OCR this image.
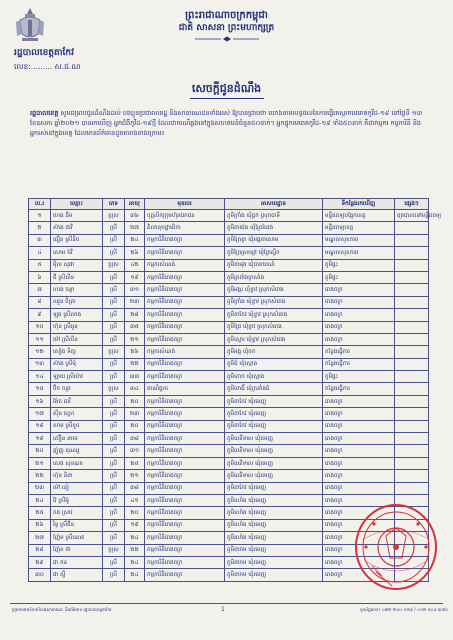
ព្រះរាជាណាចក្រកម្ពុជា
ជាតិ សាសនា ព្រះមហាក្សត្រ
រដ្ឋបាលខេត្តតាកែវ
លេខ:......... ស.ជ.ណ
សេចក្តីជូនដំណឹង

រដ្ឋបាលខេត្ត សូមជម្រាបជូនដំណឹងដល់ បងប្អូនប្រជាពលរដ្ឋ និងសាធារណជនទាំងអស់ ឱ្យបានជ្រាបថា យោងតាមលទ្ធផលនៃការធ្វើតេស្តរកមេរោគកូវីដ-១៩ នៅថ្ងៃទី ១៣ ខែឧសភា ឆ្នាំ២០២១ បានរកឃើញ អ្នកជំងឺកូវីដ-១៩ថ្មី ដែលជាករណីឆ្លងនៅក្នុងសហគមន៍ចំនួន៥០នាក់។ អ្នកផ្ទុកមេរោគកូវីដ-១៩ ទាំង៥០នាក់ គឺជាកម្មករ កម្មការិនី និងអ្នករស់នៅក្នុងខេត្ត ដែលមានព័ត៌មានដូចតារាងខាងក្រោម៖

ល.រ	ឈ្មោះ	ភេទ	អាយុ	មុខរបរ	អាសយដ្ឋាន	ទីកន្លែងរកឃើញ	ផ្សេងៗ
១	ហេង ធីម	ប្រុស	៣៦	បុគ្គលិកក្រុមហ៊ុនឯកជន	ភូមិក្រាំង ឃុំធ្លក ស្រុកបាទី	មន្ទីរពេទ្យបង្អែកខេត្ត	ព្យាបាលនៅមន្ទីរពេទ្យ
២	ស៊ាង ជាវី	ស្រី	២៧	គិលានុបដ្ឋាយិកា	ភូមិតាយ៉ង ឃុំព្រៃរំដេង	មន្ទីរពេទ្យខេត្ត	
៣	ធឿន ស្រីនិច	ស្រី	២៤	កម្មការិនីរោងចក្រ	ភូមិព្រៃខ្លា ឃុំអង្គតាសោម	មណ្ឌលសុខភាព	
៤	សោម រ៉ាវី	ស្រី	២៦	កម្មការិនីរោងចក្រ	ភូមិព្រៃស្រឡៅ ឃុំព្រៃស្លឹក	មណ្ឌលសុខភាព	
៥	ម៉ិល សុផា	ប្រុស	៤២	កម្មករសំណង់	ភូមិតាអុង ឃុំបារាយណ៍	ភូមិផ្ទះ	
៦	ជី ស្រីលីន	ស្រី	១៩	កម្មការិនីរោងចក្រ	ភូមិត្រពាំងក្រសាំង	ភូមិផ្ទះ	
៧	ហាង ចន្ថា	ស្រី	៣១	កម្មការិនីរោងចក្រ	ភូមិអង្គរ ឃុំខ្វាវ ស្រុកសំរោង	រោងចក្រ	
៨	ឈួន ចិត្រា	ស្រី	២៣	កម្មការិនីរោងចក្រ	ភូមិក្រាំង ឃុំខ្វាវ ស្រុកសំរោង	រោងចក្រ	
៩	ឡុង ស្រីលាង	ស្រី	២៨	កម្មការិនីរោងចក្រ	ភូមិតាកែវ ឃុំខ្វាវ ស្រុកសំរោង	រោងចក្រ	
១០	ហ៊ុន ស្រីអូន	ស្រី	៣៥	កម្មការិនីរោងចក្រ	ភូមិជ្រៃ ឃុំខ្វាវ ស្រុកសំរោង	រោងចក្រ	
១១	ម៉ៅ ស្រីលីន	ស្រី	២១	កម្មការិនីរោងចក្រ	ភូមិស្នោរ ឃុំខ្វាវ ស្រុកសំរោង	រោងចក្រ	
១២	សៀង ទិត្យ	ប្រុស	២៦	កម្មករសំណង់	ភូមិអង្គ ឃុំចក	កន្លែងធ្វើការ	
១៣	ស៊ាង ស្រីមុំ	ស្រី	២២	កម្មការិនីរោងចក្រ	ភូមិធំ ឃុំស្មោង	កន្លែងធ្វើការ	
១៤	ឡាយ ស្រីយ៉ាវ	ស្រី	៣៣	កម្មការិនីរោងចក្រ	ភូមិគោក ឃុំស្មោង	ភូមិផ្ទះ	
១៥	ប៊ិច ចន្ថា	ប្រុស	៣៤	ពាណិជ្ជករ	ភូមិពោធិ៍ ឃុំត្រពាំងធំ	កន្លែងធ្វើការ	
១៦	ង៉ែត ធារី	ស្រី	២០	កម្មការិនីរោងចក្រ	ភូមិតាកែវ ឃុំរមេញ	រោងចក្រ	
១៧	ស៊ីន ហ្គេក	ស្រី	២៣	កម្មការិនីរោងចក្រ	ភូមិតាកែវ ឃុំរមេញ	រោងចក្រ	
១៨	សាម ស្រីខួច	ស្រី	២០	កម្មការិនីរោងចក្រ	ភូមិតាកែវ ឃុំរមេញ	រោងចក្រ	
១៩	ស៊ឿន នាមេ	ស្រី	៣៨	កម្មការិនីរោងចក្រ	ភូមិឈើទាល ឃុំរមេញ	រោងចក្រ	
២០	ញ៉ូញ គុណដូ	ស្រី	៣១	កម្មការិនីរោងចក្រ	ភូមិឈើទាល ឃុំរមេញ	រោងចក្រ	
២១	សេង សុខណា	ស្រី	២៥	កម្មការិនីរោងចក្រ	ភូមិឈើទាល ឃុំរមេញ	រោងចក្រ	
២២	ហ៊ុន នីតា	ស្រី	២១	កម្មការិនីរោងចក្រ	ភូមិឈើទាល ឃុំរមេញ	រោងចក្រ	
២៣	ម៉ៅ នៀ	ស្រី	៣៨	កម្មការិនីរោងចក្រ	ភូមិតាកែវ ឃុំរមេញ	រោងចក្រ	
២៤	វ៉ៃ ស្រីអ៊ូ	ស្រី	៤១	កម្មការិនីរោងចក្រ	ភូមិរលាំង ឃុំរមេញ	រោងចក្រ	
២៥	កង ស្រាវ	ស្រី	២០	កម្មការិនីរោងចក្រ	ភូមិរលាំង ឃុំរមេញ	រោងចក្រ	
២៦	រិទ្ធ ស្រីជីន	ស្រី	១៩	កម្មការិនីរោងចក្រ	ភូមិរលាំង ឃុំរមេញ	រោងចក្រ	
២៧	ញ៉ែម ស្រីណេត	ស្រី	២៤	កម្មការិនីរោងចក្រ	ភូមិរលាំង ឃុំរមេញ	រោងចក្រ	
២៨	ញ៉ែន ថា	ប្រុស	២២	កម្មការិនីរោងចក្រ	ភូមិពារាម ឃុំរមេញ	រោងចក្រ	
២៩	ជា ថន	ស្រី	២៤	កម្មការិនីរោងចក្រ	ភូមិពារាម ឃុំរមេញ	រោងចក្រ	
៣០	ជា ស្ទី	ស្រី	២៤	កម្មការិនីរោងចក្រ	ភូមិពារាម ឃុំរមេញ	រោងចក្រ	
ក្រុមការងារទំនាក់ទំនងសាធារណៈ និងព័ត៌មាន រដ្ឋបាលខេត្តតាកែវ	1	ទូរស័ព្ទលេខ៖ ០៣២ ២១០ ០៣៩ / ០១២ ៨០៨ ៣៣៦
